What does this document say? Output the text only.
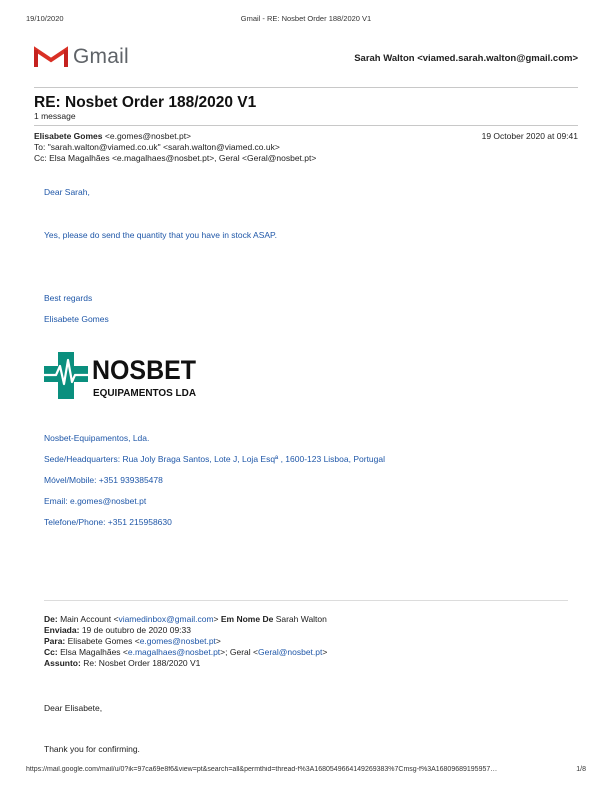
19/10/2020	Gmail - RE: Nosbet Order 188/2020 V1
Gmail	Sarah Walton <viamed.sarah.walton@gmail.com>
RE: Nosbet Order 188/2020 V1
1 message
Elisabete Gomes <e.gomes@nosbet.pt>	19 October 2020 at 09:41
To: "sarah.walton@viamed.co.uk" <sarah.walton@viamed.co.uk>
Cc: Elsa Magalhães <e.magalhaes@nosbet.pt>, Geral <Geral@nosbet.pt>
Dear Sarah,
Yes, please do send the quantity that you have in stock ASAP.
Best regards
Elisabete Gomes
NOSBET
EQUIPAMENTOS LDA
Nosbet-Equipamentos, Lda.
Sede/Headquarters: Rua Joly Braga Santos, Lote J, Loja Esqª , 1600-123 Lisboa, Portugal
Móvel/Mobile: +351 939385478
Email: e.gomes@nosbet.pt
Telefone/Phone: +351 215958630
De: Main Account <viamedinbox@gmail.com> Em Nome De Sarah Walton
Enviada: 19 de outubro de 2020 09:33
Para: Elisabete Gomes <e.gomes@nosbet.pt>
Cc: Elsa Magalhães <e.magalhaes@nosbet.pt>; Geral <Geral@nosbet.pt>
Assunto: Re: Nosbet Order 188/2020 V1
Dear Elisabete,
Thank you for confirming.
https://mail.google.com/mail/u/0?ik=97ca69e8f6&view=pt&search=all&permthid=thread-f%3A1680549664149269383%7Cmsg-f%3A16809689195957…	1/8
